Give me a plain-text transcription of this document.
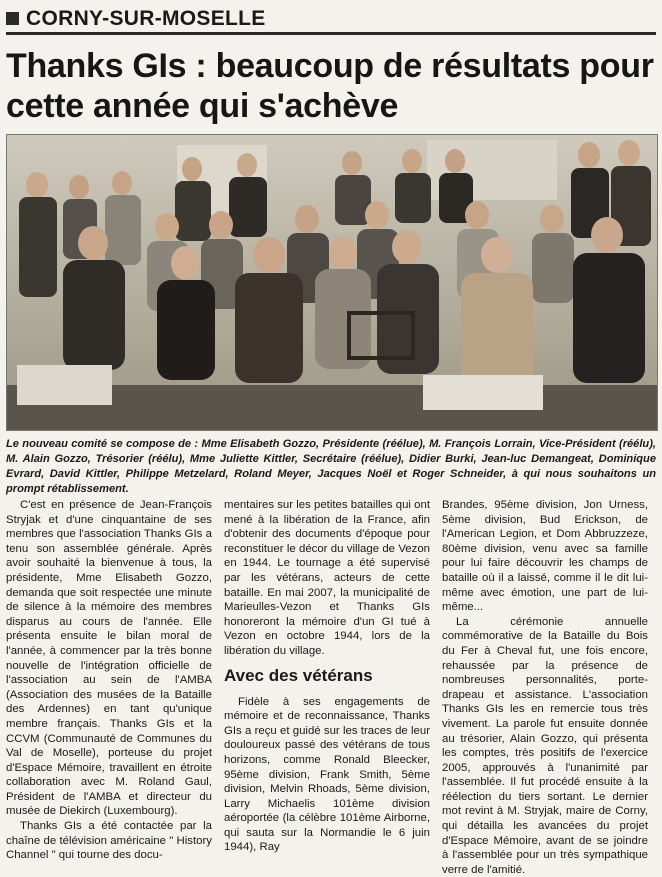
CORNY-SUR-MOSELLE
Thanks GIs : beaucoup de résultats pour cette année qui s'achève
Le nouveau comité se compose de : Mme Elisabeth Gozzo, Présidente (réélue), M. François Lorrain, Vice-Président (réélu), M. Alain Gozzo, Trésorier (réélu), Mme Juliette Kittler, Secrétaire (réélue), Didier Burki, Jean-luc Demangeat, Dominique Evrard, David Kittler, Philippe Metzelard, Roland Meyer, Jacques Noël et Roger Schneider, à qui nous souhaitons un prompt rétablissement.

C'est en présence de Jean-François Stryjak et d'une cinquantaine de ses membres que l'association Thanks GIs a tenu son assemblée générale. Après avoir souhaité la bienvenue à tous, la présidente, Mme Elisabeth Gozzo, demanda que soit respectée une minute de silence à la mémoire des membres disparus au cours de l'année. Elle présenta ensuite le bilan moral de l'année, à commencer par la très bonne nouvelle de l'intégration officielle de l'association au sein de l'AMBA (Association des musées de la Bataille des Ardennes) en tant qu'unique membre français. Thanks GIs et la CCVM (Communauté de Communes du Val de Moselle), porteuse du projet d'Espace Mémoire, travaillent en étroite collaboration avec M. Roland Gaul, Président de l'AMBA et directeur du musée de Diekirch (Luxembourg).

Thanks GIs a été contactée par la chaîne de télévision américaine " History Channel " qui tourne des docu-

mentaires sur les petites batailles qui ont mené à la libération de la France, afin d'obtenir des documents d'époque pour reconstituer le décor du village de Vezon en 1944. Le tournage a été supervisé par les vétérans, acteurs de cette bataille. En mai 2007, la municipalité de Marieulles-Vezon et Thanks GIs honoreront la mémoire d'un GI tué à Vezon en octobre 1944, lors de la libération du village.

Avec des vétérans

Fidèle à ses engagements de mémoire et de reconnaissance, Thanks GIs a reçu et guidé sur les traces de leur douloureux passé des vétérans de tous horizons, comme Ronald Bleecker, 95ème division, Frank Smith, 5ème division, Melvin Rhoads, 5ème division, Larry Michaelis 101ème division aéroportée (la célèbre 101ème Airborne, qui sauta sur la Normandie le 6 juin 1944), Ray

Brandes, 95ème division, Jon Urness, 5ème division, Bud Erickson, de l'American Legion, et Dom Abbruzzeze, 80ème division, venu avec sa famille pour lui faire découvrir les champs de bataille où il a laissé, comme il le dit lui-même avec émotion, une part de lui-même...

La cérémonie annuelle commémorative de la Bataille du Bois du Fer à Cheval fut, une fois encore, rehaussée par la présence de nombreuses personnalités, porte-drapeau et assistance. L'association Thanks GIs les en remercie tous très vivement. La parole fut ensuite donnée au trésorier, Alain Gozzo, qui présenta les comptes, très positifs de l'exercice 2005, approuvés à l'unanimité par l'assemblée. Il fut procédé ensuite à la réélection du tiers sortant. Le dernier mot revint à M. Stryjak, maire de Corny, qui détailla les avancées du projet d'Espace Mémoire, avant de se joindre à l'assemblée pour un très sympathique verre de l'amitié.
